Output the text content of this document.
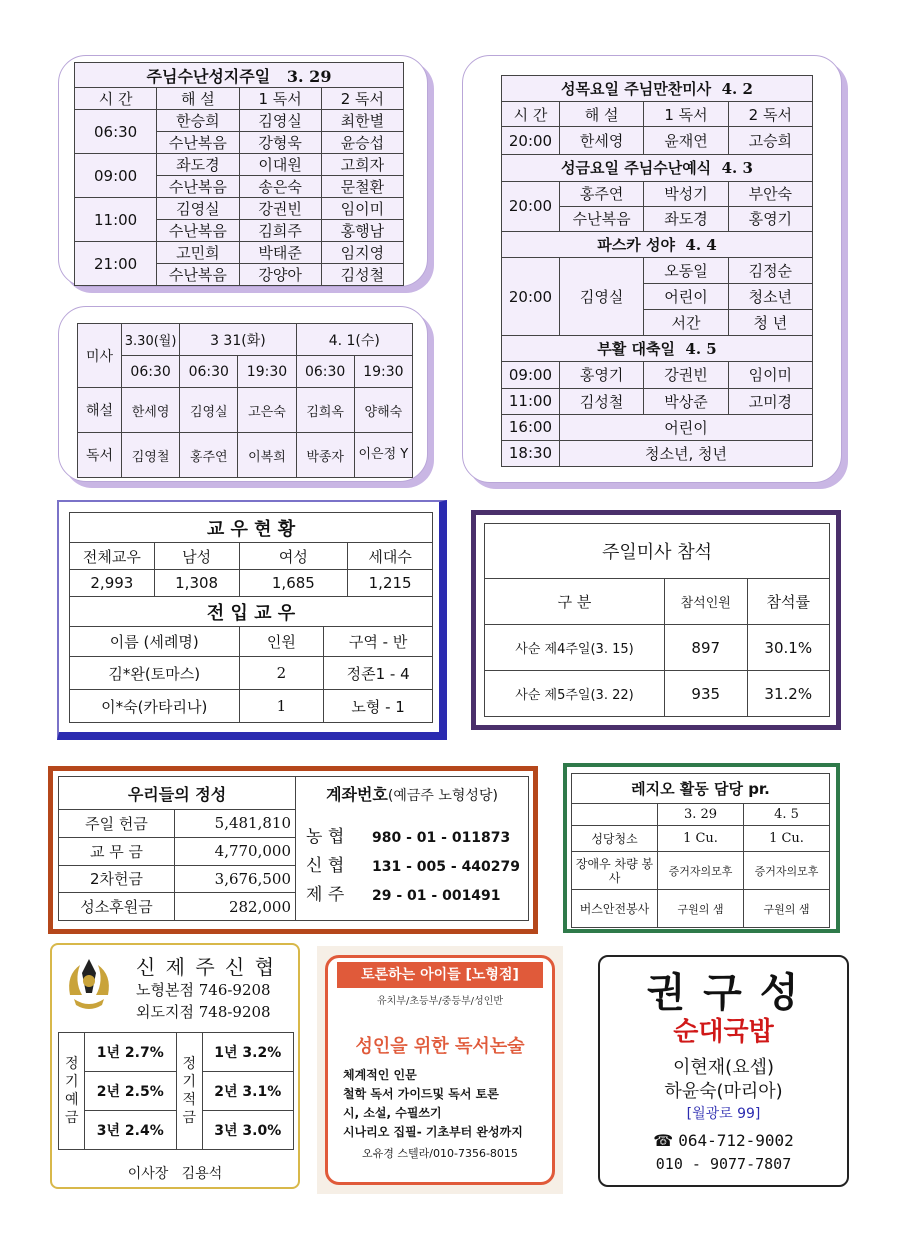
주님수난성지주일 3. 29			
시 간	해 설	1 독서	2 독서
06:30	한승희	김영실	최한별
	수난복음	강형욱	윤승섭
09:00	좌도경	이대원	고희자
	수난복음	송은숙	문철환
11:00	김영실	강권빈	임이미
	수난복음	김희주	홍행남
21:00	고민희	박태준	임지영
	수난복음	강양아	김성철
미사	3.30(월)	3 31(화)		4. 1(수)	
	06:30	06:30	19:30	06:30	19:30
해설	한세영	김영실	고은숙	김희옥	양해숙
독서	김영철	홍주연	이복희	박종자	이은정 Y
성목요일 주님만찬미사 4. 2			
시 간	해 설	1 독서	2 독서
20:00	한세영	윤재연	고승희
성금요일 주님수난예식 4. 3			
20:00	홍주연	박성기	부안숙
	수난복음	좌도경	홍영기
파스카 성야 4. 4			
20:00	김영실	오동일	김정순
		어린이	청소년
		서간	청 년
부활 대축일 4. 5			
09:00	홍영기	강권빈	임이미
11:00	김성철	박상준	고미경
16:00	어린이		
18:30	청소년, 청년		
교 우 현 황				
전체교우	남성	여성		세대수
2,993	1,308	1,685		1,215
전 입 교 우				
이름 (세례명)		인원	구역 - 반	
김*완(토마스)		2	정존1 - 4	
이*숙(카타리나)		1	노형 - 1	
주일미사 참석		
구 분	참석인원	참석률
사순 제4주일(3. 15)	897	30.1%
사순 제5주일(3. 22)	935	31.2%
우리들의 정성	
주일 헌금	5,481,810
교 무 금	4,770,000
2차헌금	3,676,500
성소후원금	282,000
계좌번호(예금주 노형성당)
농 협 980 - 01 - 011873
신 협 131 - 005 - 440279
제 주 29 - 01 - 001491
레지오 활동 담당 pr.		
	3. 29	4. 5
성당청소	1 Cu.	1 Cu.
장애우 차량 봉사	증거자의모후	증거자의모후
버스안전봉사	구원의 샘	구원의 샘
신 제 주 신 협
노형본점 746-9208
외도지점 748-9208
정기예금	1년 2.7%	정기적금	1년 3.2%
	2년 2.5%		2년 3.1%
	3년 2.4%		3년 3.0%
이사장   김용석
토론하는 아이들 [노형점]
유치부/초등부/중등부/성인반
성인을 위한 독서논술
체계적인 인문
철학 독서 가이드및 독서 토론
시, 소설, 수필쓰기
시나리오 집필- 기초부터 완성까지
오유경 스텔라/010-7356-8015
권 구 성
순대국밥
이현재(요셉)
하윤숙(마리아)
[월광로 99]
☎ 064-712-9002
010 - 9077-7807
